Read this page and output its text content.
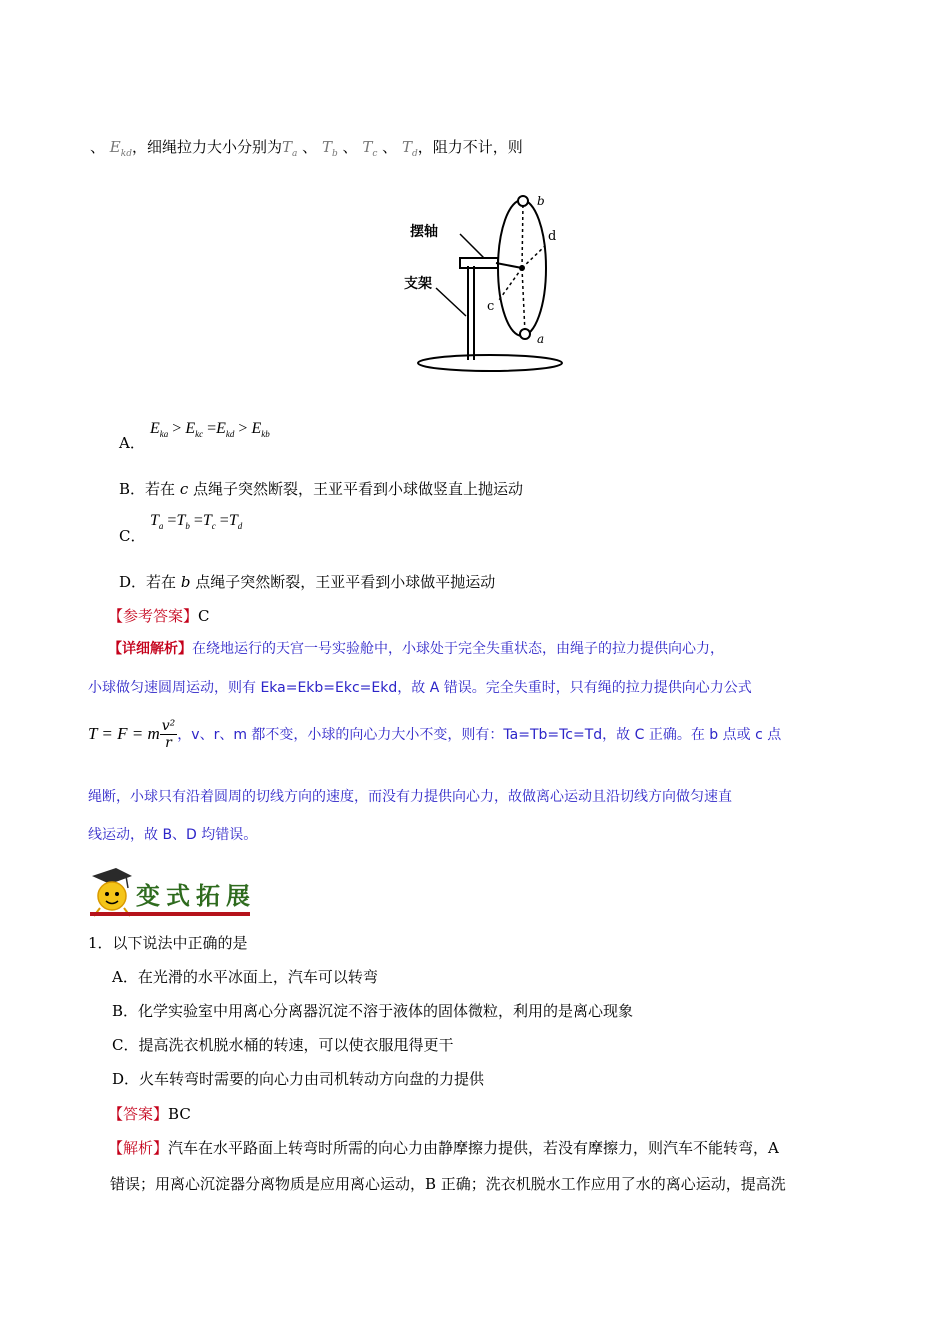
、 $E_{kd}$，细绳拉力大小分别为$T_a$ 、 $T_b$ 、 $T_c$ 、 $T_d$，阻力不计，则
摆轴
支架
b
d
c
a
A．
$E_{ka} > E_{kc} =E_{kd} > E_{kb}$
B．若在 c 点绳子突然断裂，王亚平看到小球做竖直上抛运动
C．
$T_a =T_b =T_c =T_d$
D．若在 b 点绳子突然断裂，王亚平看到小球做平抛运动
【参考答案】C
【详细解析】在绕地运行的天宫一号实验舱中，小球处于完全失重状态，由绳子的拉力提供向心力，
小球做匀速圆周运动，则有 Eka=Ekb=Ekc=Ekd，故 A 错误。完全失重时，只有绳的拉力提供向心力公式
T = F = m $\frac{\text{v²}}{r}$ ，v、r、m 都不变，小球的向心力大小不变，则有：Ta=Tb=Tc=Td，故 C 正确。在 b 点或 c 点
绳断，小球只有沿着圆周的切线方向的速度，而没有力提供向心力，故做离心运动且沿切线方向做匀速直
线运动，故 B、D 均错误。
变式拓展
1．以下说法中正确的是
A．在光滑的水平冰面上，汽车可以转弯
B．化学实验室中用离心分离器沉淀不溶于液体的固体微粒，利用的是离心现象
C．提高洗衣机脱水桶的转速，可以使衣服甩得更干
D．火车转弯时需要的向心力由司机转动方向盘的力提供
【答案】BC
【解析】汽车在水平路面上转弯时所需的向心力由静摩擦力提供，若没有摩擦力，则汽车不能转弯，A
错误；用离心沉淀器分离物质是应用离心运动，B 正确；洗衣机脱水工作应用了水的离心运动，提高洗
